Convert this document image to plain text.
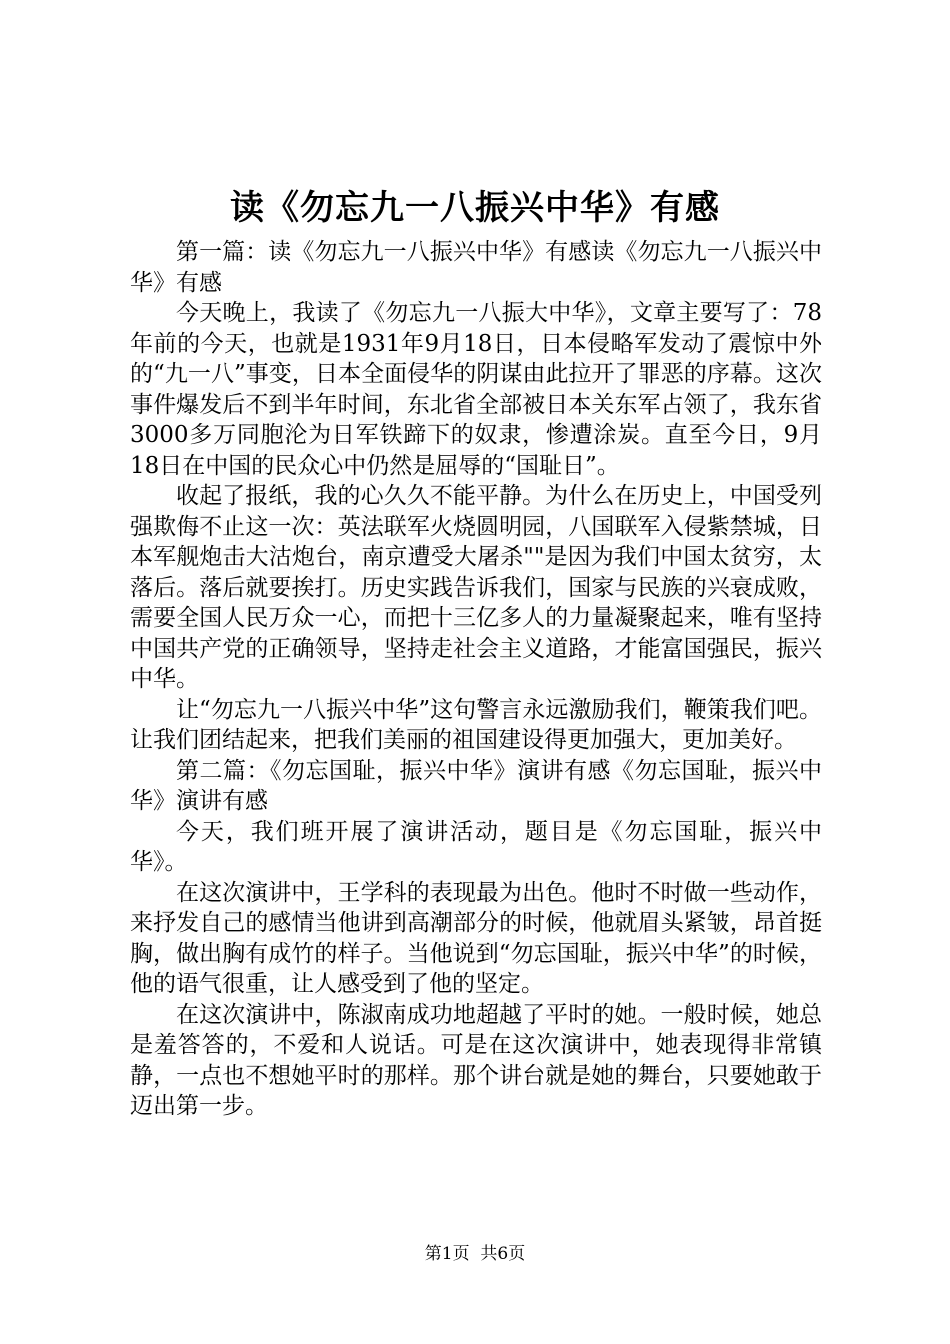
读《勿忘九一八振兴中华》有感

第一篇：读《勿忘九一八振兴中华》有感读《勿忘九一八振兴中华》有感

今天晚上，我读了《勿忘九一八振大中华》，文章主要写了：78年前的今天，也就是1931年9月18日，日本侵略军发动了震惊中外的“九一八”事变，日本全面侵华的阴谋由此拉开了罪恶的序幕。这次事件爆发后不到半年时间，东北省全部被日本关东军占领了，我东省3000多万同胞沦为日军铁蹄下的奴隶，惨遭涂炭。直至今日，9月18日在中国的民众心中仍然是屈辱的“国耻日”。

收起了报纸，我的心久久不能平静。为什么在历史上，中国受列强欺侮不止这一次：英法联军火烧圆明园，八国联军入侵紫禁城，日本军舰炮击大沽炮台，南京遭受大屠杀""是因为我们中国太贫穷，太落后。落后就要挨打。历史实践告诉我们，国家与民族的兴衰成败，需要全国人民万众一心，而把十三亿多人的力量凝聚起来，唯有坚持中国共产党的正确领导，坚持走社会主义道路，才能富国强民，振兴中华。

让“勿忘九一八振兴中华”这句警言永远激励我们，鞭策我们吧。让我们团结起来，把我们美丽的祖国建设得更加强大，更加美好。

第二篇：《勿忘国耻，振兴中华》演讲有感《勿忘国耻，振兴中华》演讲有感

今天，我们班开展了演讲活动，题目是《勿忘国耻，振兴中华》。

在这次演讲中，王学科的表现最为出色。他时不时做一些动作，来抒发自己的感情当他讲到高潮部分的时候，他就眉头紧皱，昂首挺胸，做出胸有成竹的样子。当他说到“勿忘国耻，振兴中华”的时候，他的语气很重，让人感受到了他的坚定。

在这次演讲中，陈淑南成功地超越了平时的她。一般时候，她总是羞答答的，不爱和人说话。可是在这次演讲中，她表现得非常镇静，一点也不想她平时的那样。那个讲台就是她的舞台，只要她敢于迈出第一步。

第1页  共6页
